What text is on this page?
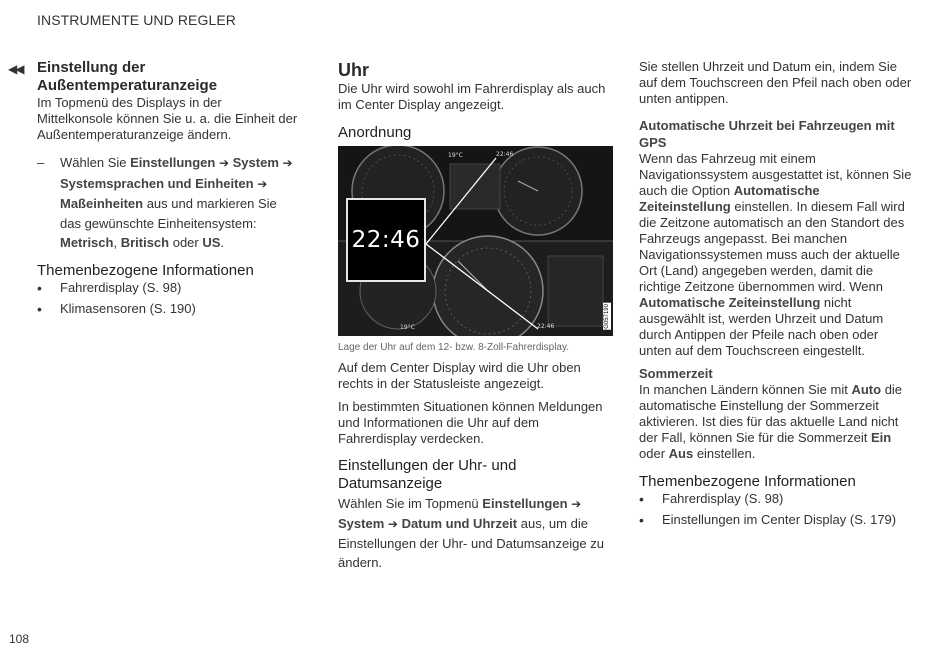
INSTRUMENTE UND REGLER
◀◀ Einstellung der Außentemperaturanzeige

Im Topmenü des Displays in der Mittelkonsole können Sie u. a. die Einheit der Außentemperaturanzeige ändern.

– Wählen Sie Einstellungen ➔ System ➔ Systemsprachen und Einheiten ➔ Maßeinheiten aus und markieren Sie das gewünschte Einheitensystem: Metrisch, Britisch oder US.
Themenbezogene Informationen
• Fahrerdisplay (S. 98)
• Klimasensoren (S. 190)
Uhr

Die Uhr wird sowohl im Fahrerdisplay als auch im Center Display angezeigt.

Anordnung
19°C	22:46
19°C	22:46
22:46
G057190
Lage der Uhr auf dem 12- bzw. 8-Zoll-Fahrerdisplay.

Auf dem Center Display wird die Uhr oben rechts in der Statusleiste angezeigt.

In bestimmten Situationen können Meldungen und Informationen die Uhr auf dem Fahrerdisplay verdecken.

Einstellungen der Uhr- und Datumsanzeige
Wählen Sie im Topmenü Einstellungen ➔ System ➔ Datum und Uhrzeit aus, um die Einstellungen der Uhr- und Datumsanzeige zu ändern.

Sie stellen Uhrzeit und Datum ein, indem Sie auf dem Touchscreen den Pfeil nach oben oder unten antippen.

Automatische Uhrzeit bei Fahrzeugen mit GPS
Wenn das Fahrzeug mit einem Navigationssystem ausgestattet ist, können Sie auch die Option Automatische Zeiteinstellung einstellen. In diesem Fall wird die Zeitzone automatisch an den Standort des Fahrzeugs angepasst. Bei manchen Navigationssystemen muss auch der aktuelle Ort (Land) angegeben werden, damit die richtige Zeitzone übernommen wird. Wenn Automatische Zeiteinstellung nicht ausgewählt ist, werden Uhrzeit und Datum durch Antippen der Pfeile nach oben oder unten auf dem Touchscreen eingestellt.
Sommerzeit
In manchen Ländern können Sie mit Auto die automatische Einstellung der Sommerzeit aktivieren. Ist dies für das aktuelle Land nicht der Fall, können Sie für die Sommerzeit Ein oder Aus einstellen.
Themenbezogene Informationen
• Fahrerdisplay (S. 98)
• Einstellungen im Center Display (S. 179)
108
